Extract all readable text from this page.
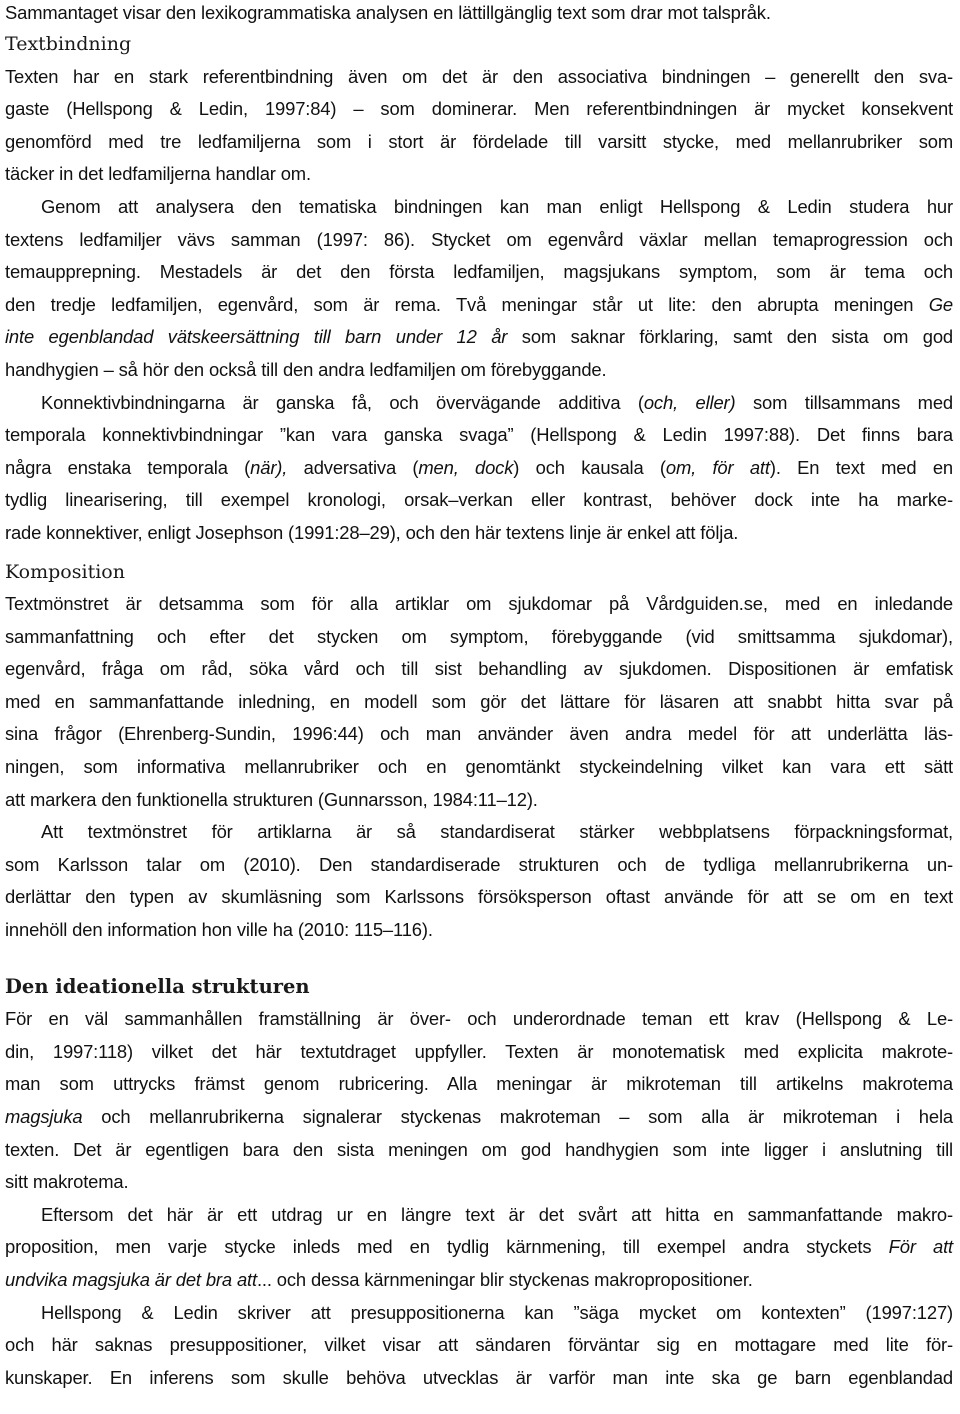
Sammantaget visar den lexikogrammatiska analysen en lättillgänglig text som drar mot talspråk.
Textbindning
Texten har en stark referentbindning även om det är den associativa bindningen – generellt den sva-
gaste (Hellspong & Ledin, 1997:84) – som dominerar. Men referentbindningen är mycket konsekvent
genomförd med tre ledfamiljerna som i stort är fördelade till varsitt stycke, med mellanrubriker som
täcker in det ledfamiljerna handlar om.
Genom att analysera den tematiska bindningen kan man enligt Hellspong & Ledin studera hur
textens ledfamiljer vävs samman (1997: 86). Stycket om egenvård växlar mellan temaprogression och
temaupprepning. Mestadels är det den första ledfamiljen, magsjukans symptom, som är tema och
den tredje ledfamiljen, egenvård, som är rema. Två meningar står ut lite: den abrupta meningen Ge
inte egenblandad vätskeersättning till barn under 12 år som saknar förklaring, samt den sista om god
handhygien – så hör den också till den andra ledfamiljen om förebyggande.
Konnektivbindningarna är ganska få, och övervägande additiva (och, eller) som tillsammans med
temporala konnektivbindningar ”kan vara ganska svaga” (Hellspong & Ledin 1997:88). Det finns bara
några enstaka temporala (när), adversativa (men, dock) och kausala (om, för att). En text med en
tydlig linearisering, till exempel kronologi, orsak–verkan eller kontrast, behöver dock inte ha marke-
rade konnektiver, enligt Josephson (1991:28–29), och den här textens linje är enkel att följa.
Komposition
Textmönstret är detsamma som för alla artiklar om sjukdomar på Vårdguiden.se, med en inledande
sammanfattning och efter det stycken om symptom, förebyggande (vid smittsamma sjukdomar),
egenvård, fråga om råd, söka vård och till sist behandling av sjukdomen. Dispositionen är emfatisk
med en sammanfattande inledning, en modell som gör det lättare för läsaren att snabbt hitta svar på
sina frågor (Ehrenberg-Sundin, 1996:44) och man använder även andra medel för att underlätta läs-
ningen, som informativa mellanrubriker och en genomtänkt styckeindelning vilket kan vara ett sätt
att markera den funktionella strukturen (Gunnarsson, 1984:11–12).
Att textmönstret för artiklarna är så standardiserat stärker webbplatsens förpackningsformat,
som Karlsson talar om (2010). Den standardiserade strukturen och de tydliga mellanrubrikerna un-
derlättar den typen av skumläsning som Karlssons försöksperson oftast använde för att se om en text
innehöll den information hon ville ha (2010: 115–116).
Den ideationella strukturen
För en väl sammanhållen framställning är över- och underordnade teman ett krav (Hellspong & Le-
din, 1997:118) vilket det här textutdraget uppfyller. Texten är monotematisk med explicita makrote-
man som uttrycks främst genom rubricering. Alla meningar är mikroteman till artikelns makrotema
magsjuka och mellanrubrikerna signalerar styckenas makroteman – som alla är mikroteman i hela
texten. Det är egentligen bara den sista meningen om god handhygien som inte ligger i anslutning till
sitt makrotema.
Eftersom det här är ett utdrag ur en längre text är det svårt att hitta en sammanfattande makro-
proposition, men varje stycke inleds med en tydlig kärnmening, till exempel andra styckets För att
undvika magsjuka är det bra att... och dessa kärnmeningar blir styckenas makropropositioner.
Hellspong & Ledin skriver att presuppositionerna kan ”säga mycket om kontexten” (1997:127)
och här saknas presuppositioner, vilket visar att sändaren förväntar sig en mottagare med lite för-
kunskaper. En inferens som skulle behöva utvecklas är varför man inte ska ge barn egenblandad
